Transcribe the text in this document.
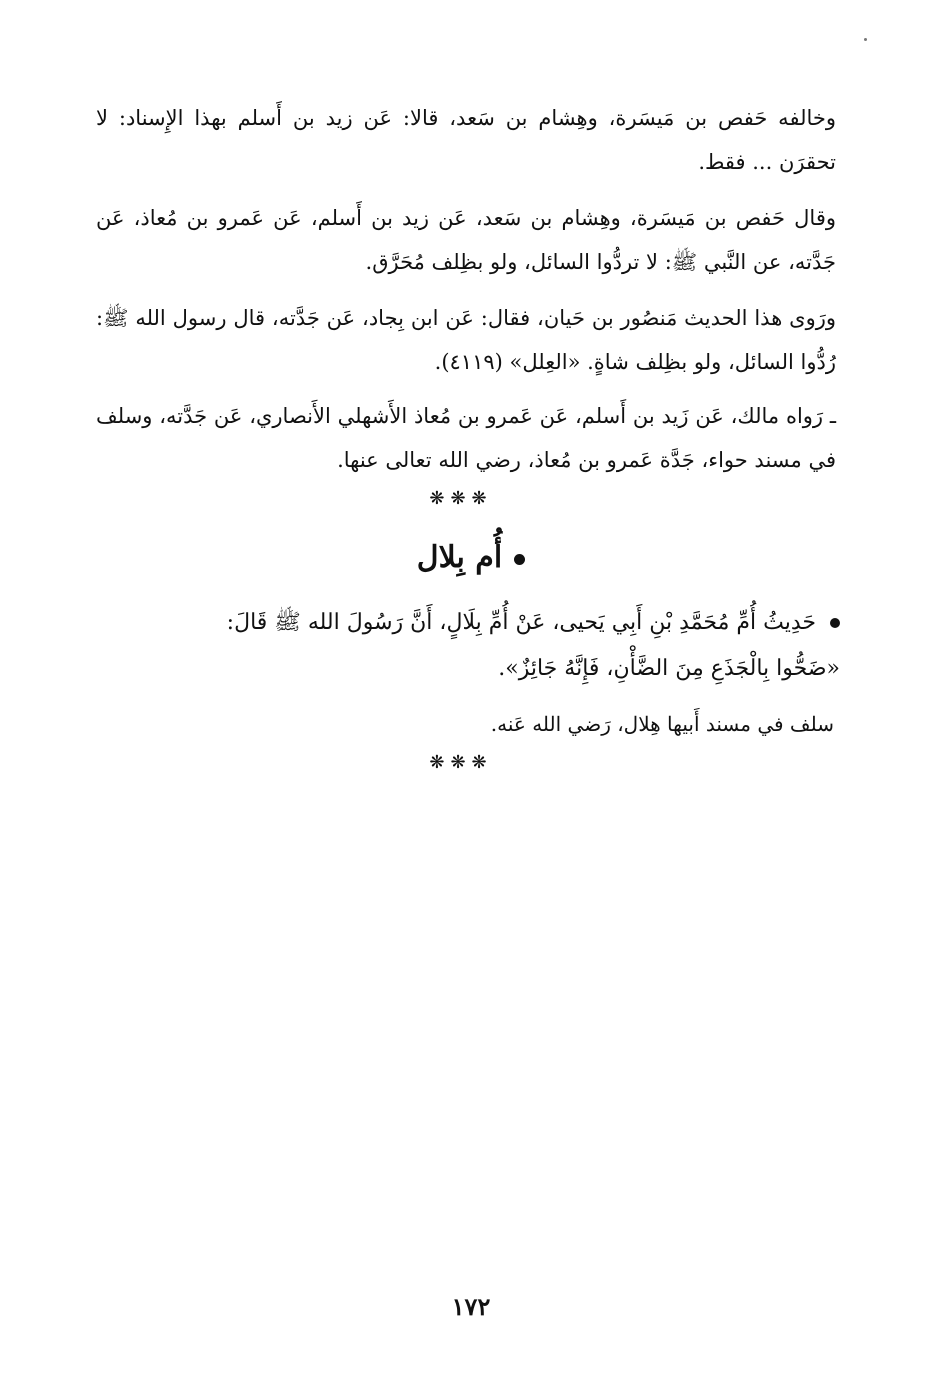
وخالفه حَفص بن مَيسَرة، وهِشام بن سَعد، قالا: عَن زيد بن أَسلم بهذا الإِسناد: لا تحقرَن ... فقط.
وقال حَفص بن مَيسَرة، وهِشام بن سَعد، عَن زيد بن أَسلم، عَن عَمرو بن مُعاذ، عَن جَدَّته، عن النَّبي ﷺ: لا تردُّوا السائل، ولو بظِلف مُحَرَّق.
ورَوى هذا الحديث مَنصُور بن حَيان، فقال: عَن ابن بِجاد، عَن جَدَّته، قال رسول الله ﷺ: رُدُّوا السائل، ولو بظِلف شاةٍ. «العِلل» (٤١١٩).
ـ رَواه مالك، عَن زَيد بن أَسلم، عَن عَمرو بن مُعاذ الأَشهلي الأَنصاري، عَن جَدَّته، وسلف في مسند حواء، جَدَّة عَمرو بن مُعاذ، رضي الله تعالى عنها.
❋❋❋
أُم بِلال
حَدِيثُ أُمِّ مُحَمَّدِ بْنِ أَبِي يَحيى، عَنْ أُمِّ بِلَالٍ، أَنَّ رَسُولَ الله ﷺ قَالَ:
«ضَحُّوا بِالْجَذَعِ مِنَ الضَّأْنِ، فَإِنَّهُ جَائِزٌ».
سلف في مسند أَبيها هِلال، رَضي الله عَنه.
❋❋❋
١٧٢
